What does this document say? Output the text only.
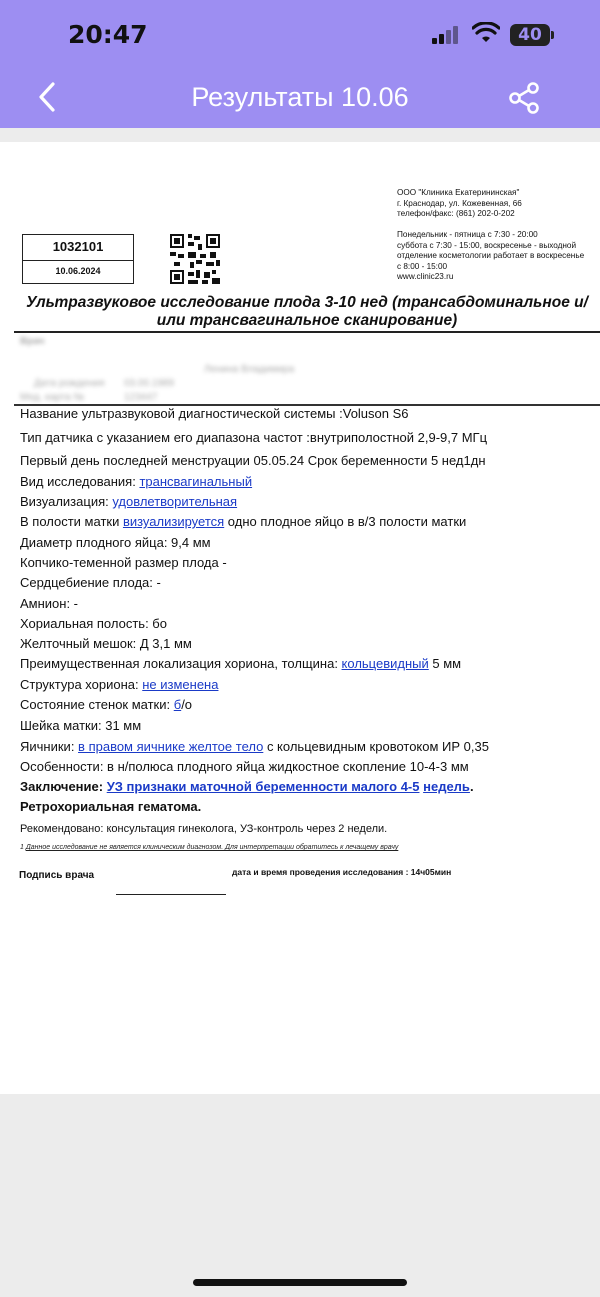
20:47	40
Результаты 10.06
ООО "Клиника Екатерининская"
г. Краснодар, ул. Кожевенная, 66
телефон/факс: (861) 202-0-202
Понедельник - пятница с 7:30 - 20:00
суббота с 7:30 - 15:00, воскресенье - выходной
отделение косметологии работает в воскресенье
с 8:00 - 15:00
www.clinic23.ru
1032101
10.06.2024
Ультразвуковое исследование плода 3-10 нед (трансабдоминальное и/или трансвагинальное сканирование)
Врач
Дата рождения 03.00.1989
Ленина Владимира
Мед. карта №	123447
Название ультразвуковой диагностической системы :Voluson S6
Тип датчика с указанием его диапазона частот :внутриполостной 2,9-9,7 МГц
Первый день последней менструации 05.05.24 Срок беременности 5 нед1дн
Вид исследования: трансвагинальный
Визуализация: удовлетворительная
В полости матки визуализируется одно плодное яйцо в в/3 полости матки
Диаметр плодного яйца: 9,4 мм
Копчико-теменной размер плода -
Сердцебиение плода: -
Амнион: -
Хориальная полость: бо
Желточный мешок: Д 3,1 мм
Преимущественная локализация хориона, толщина: кольцевидный 5 мм
Структура хориона: не изменена
Состояние стенок матки: б/о
Шейка матки: 31 мм
Яичники: в правом яичнике желтое тело с кольцевидным кровотоком ИР 0,35
Особенности: в н/полюса плодного яйца жидкостное скопление 10-4-3 мм
Заключение: УЗ признаки маточной беременности малого 4-5 недель.
Ретрохориальная гематома.
Рекомендовано: консультация гинеколога, УЗ-контроль через 2 недели.
1 Данное исследование не является клиническим диагнозом. Для интерпретации обратитесь к лечащему врачу
Подпись врача	дата и время проведения исследования : 14ч05мин
